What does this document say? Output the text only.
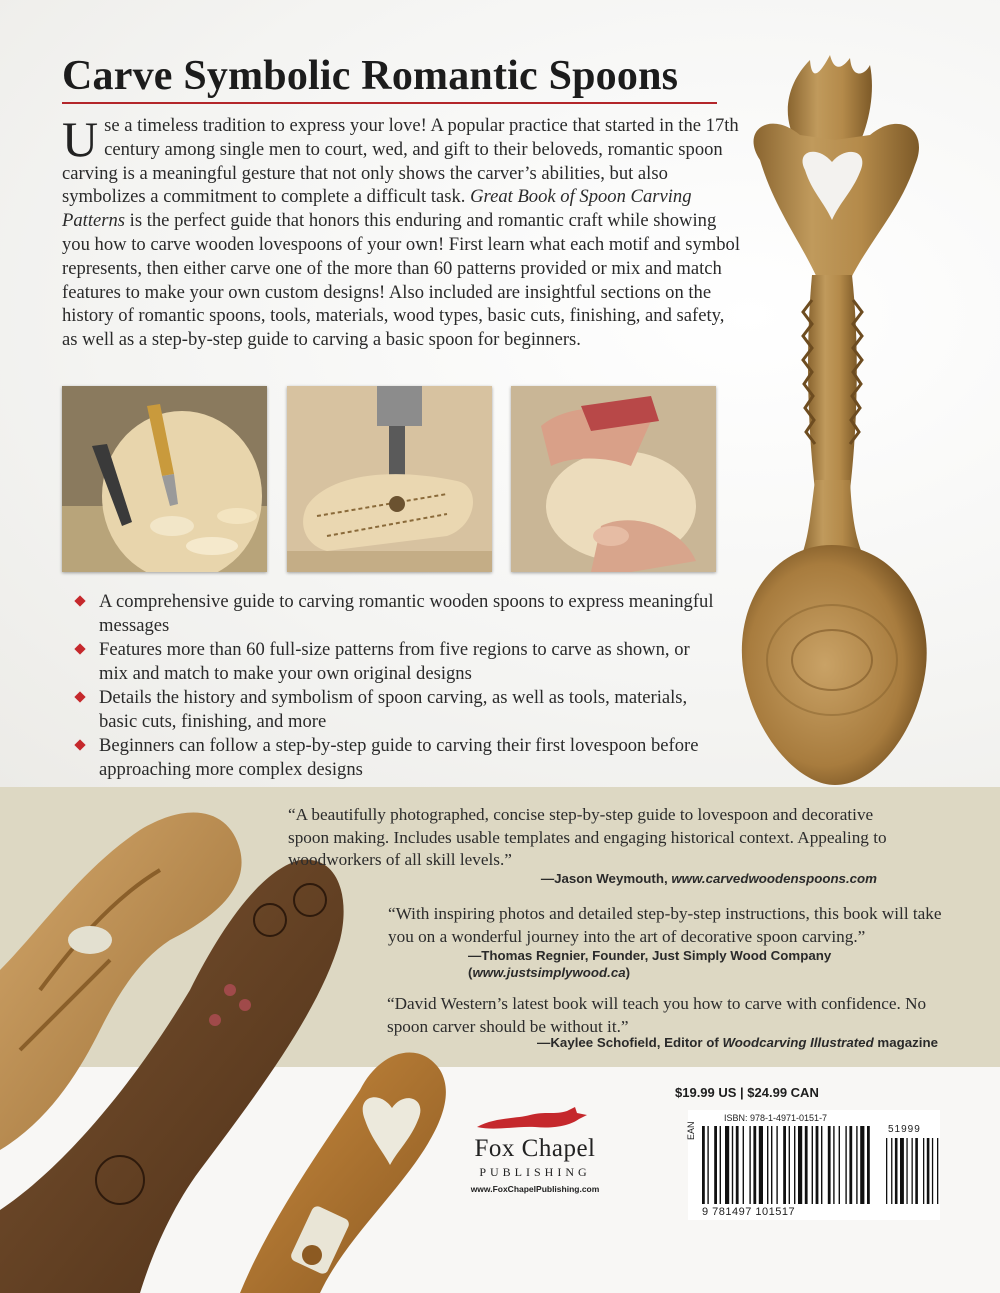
Carve Symbolic Romantic Spoons
Use a timeless tradition to express your love! A popular practice that started in the 17th century among single men to court, wed, and gift to their beloveds, romantic spoon carving is a meaningful gesture that not only shows the carver’s abilities, but also symbolizes a commitment to complete a difficult task. Great Book of Spoon Carving Patterns is the perfect guide that honors this enduring and romantic craft while showing you how to carve wooden lovespoons of your own! First learn what each motif and symbol represents, then either carve one of the more than 60 patterns provided or mix and match features to make your own custom designs! Also included are insightful sections on the history of romantic spoons, tools, materials, wood types, basic cuts, finishing, and safety, as well as a step-by-step guide to carving a basic spoon for beginners.
A comprehensive guide to carving romantic wooden spoons to express meaningful messages
Features more than 60 full-size patterns from five regions to carve as shown, or mix and match to make your own original designs
Details the history and symbolism of spoon carving, as well as tools, materials, basic cuts, finishing, and more
Beginners can follow a step-by-step guide to carving their first lovespoon before approaching more complex designs
“A beautifully photographed, concise step-by-step guide to lovespoon and decorative spoon making. Includes usable templates and engaging historical context. Appealing to woodworkers of all skill levels.”
—Jason Weymouth, www.carvedwoodenspoons.com
“With inspiring photos and detailed step-by-step instructions, this book will take you on a wonderful journey into the art of decorative spoon carving.”
—Thomas Regnier, Founder, Just Simply Wood Company
(www.justsimplywood.ca)
“David Western’s latest book will teach you how to carve with confidence. No spoon carver should be without it.”
—Kaylee Schofield, Editor of Woodcarving Illustrated magazine
Fox Chapel
PUBLISHING
www.FoxChapelPublishing.com
$19.99 US | $24.99 CAN
ISBN: 978-1-4971-0151-7
EAN	51999
9 781497 101517
